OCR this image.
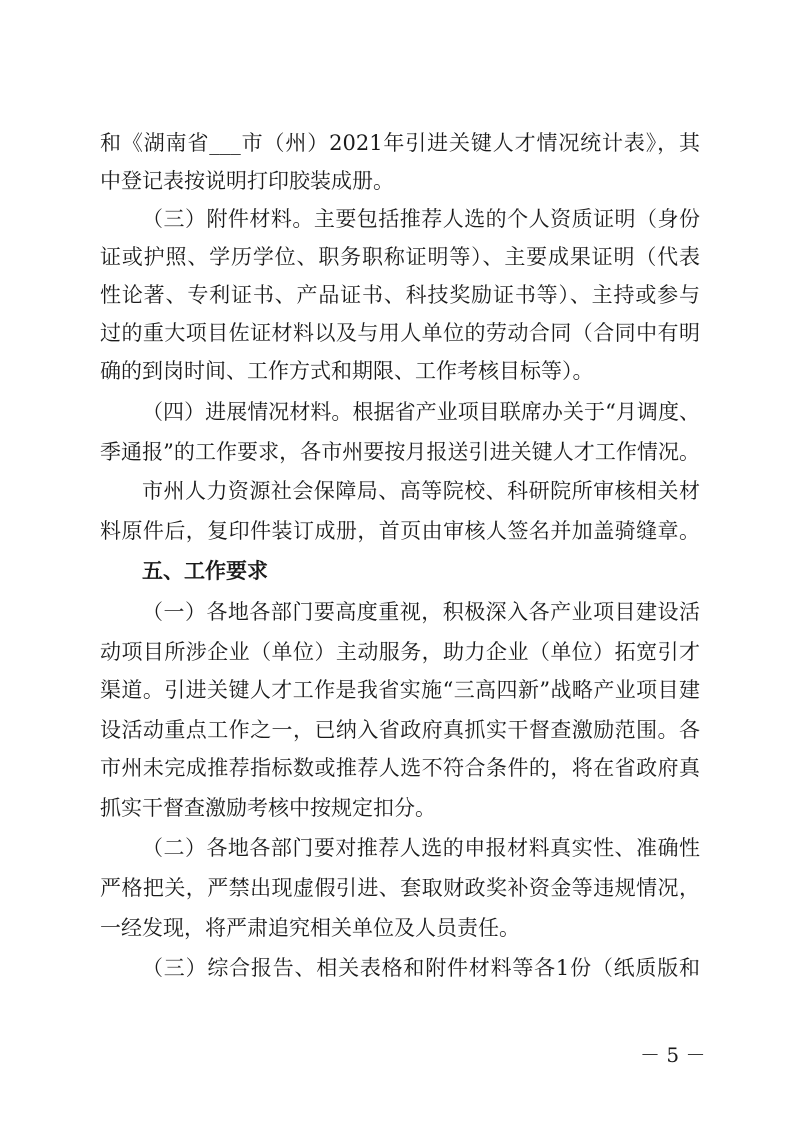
和《湖南省___市（州）2021年引进关键人才情况统计表》，其
中登记表按说明打印胶装成册。
（三）附件材料。主要包括推荐人选的个人资质证明（身份
证或护照、学历学位、职务职称证明等）、主要成果证明（代表
性论著、专利证书、产品证书、科技奖励证书等）、主持或参与
过的重大项目佐证材料以及与用人单位的劳动合同（合同中有明
确的到岗时间、工作方式和期限、工作考核目标等）。
（四）进展情况材料。根据省产业项目联席办关于“月调度、
季通报”的工作要求，各市州要按月报送引进关键人才工作情况。
市州人力资源社会保障局、高等院校、科研院所审核相关材
料原件后，复印件装订成册，首页由审核人签名并加盖骑缝章。
五、工作要求
（一）各地各部门要高度重视，积极深入各产业项目建设活
动项目所涉企业（单位）主动服务，助力企业（单位）拓宽引才
渠道。引进关键人才工作是我省实施“三高四新”战略产业项目建
设活动重点工作之一，已纳入省政府真抓实干督查激励范围。各
市州未完成推荐指标数或推荐人选不符合条件的，将在省政府真
抓实干督查激励考核中按规定扣分。
（二）各地各部门要对推荐人选的申报材料真实性、准确性
严格把关，严禁出现虚假引进、套取财政奖补资金等违规情况，
一经发现，将严肃追究相关单位及人员责任。
（三）综合报告、相关表格和附件材料等各1份（纸质版和
－ 5 －
